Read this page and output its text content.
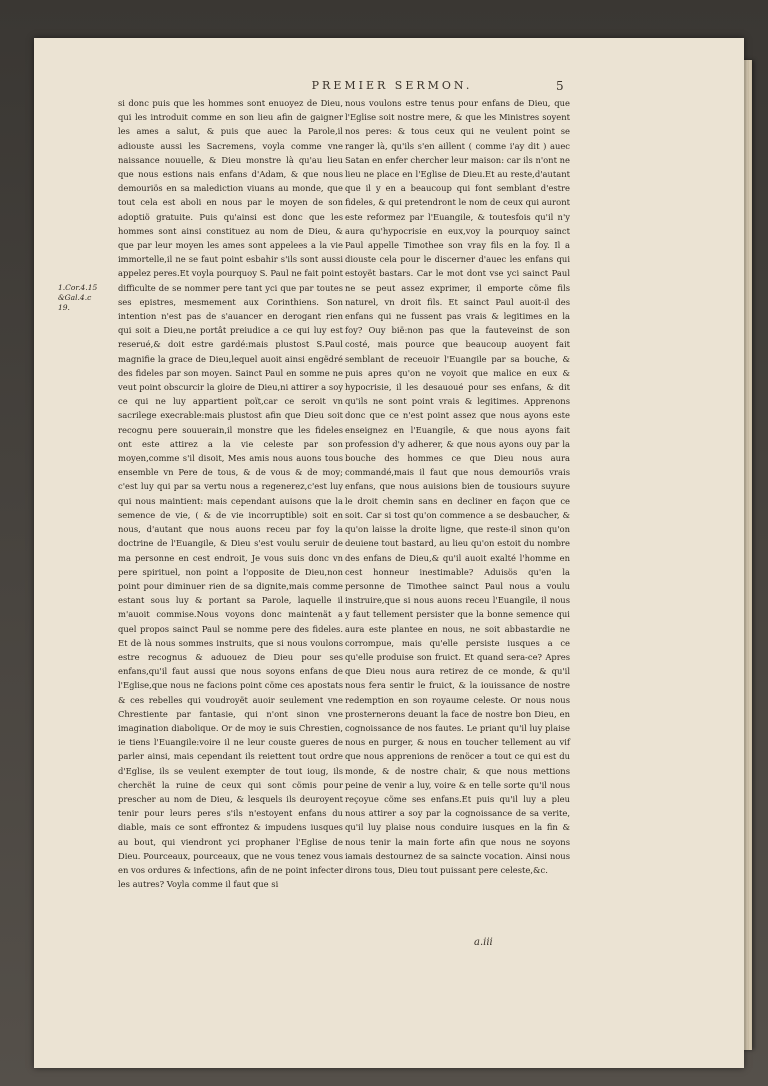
PREMIER SERMON.	5
1.Cor.4.15
&Gal.4.c
19.

si donc puis que les hommes sont enuoyez de Dieu, qui les introduit comme en son lieu afin de gaigner les ames a salut, & puis que auec la Parole,il adiouste aussi les Sacremens, voyla comme vne naissance nouuelle, & Dieu monstre là qu'au lieu que nous estions nais enfans d'Adam, & que nous demouriös en sa malediction viuans au monde, que tout cela est aboli en nous par le moyen de son adoptiö gratuite. Puis qu'ainsi est donc que les hommes sont ainsi constituez au nom de Dieu, & que par leur moyen les ames sont appelees a la vie immortelle,il ne se faut point esbahir s'ils sont aussi appelez peres.Et voyla pourquoy S. Paul ne fait point difficulte de se nommer pere tant yci que par toutes ses epistres, mesmement aux Corinthiens. Son intention n'est pas de s'auancer en derogant rien qui soit a Dieu,ne portât preiudice a ce qui luy est reserué,& doit estre gardé:mais plustost S.Paul magnifie la grace de Dieu,lequel auoit ainsi engëdré des fideles par son moyen. Sainct Paul en somme ne veut point obscurcir la gloire de Dieu,ni attirer a soy ce qui ne luy appartient poït,car ce seroit vn sacrilege execrable:mais plustost afin que Dieu soit recognu pere souuerain,il monstre que les fideles ont este attirez a la vie celeste par son moyen,comme s'il disoit, Mes amis nous auons tous ensemble vn Pere de tous, & de vous & de moy; c'est luy qui par sa vertu nous a regenerez,c'est luy qui nous maintient: mais cependant auisons que la semence de vie, ( & de vie incorruptible) soit en nous, d'autant que nous auons receu par foy la doctrine de l'Euangile, & Dieu s'est voulu seruir de ma personne en cest endroit, Je vous suis donc vn pere spirituel, non point a l'opposite de Dieu,non point pour diminuer rien de sa dignite,mais comme estant sous luy & portant sa Parole, laquelle il m'auoit commise.Nous voyons donc maintenät a quel propos sainct Paul se nomme pere des fideles. Et de là nous sommes instruits, que si nous voulons estre recognus & aduouez de Dieu pour ses enfans,qu'il faut aussi que nous soyons enfans de l'Eglise,que nous ne facions point cöme ces apostats & ces rebelles qui voudroyët auoir seulement vne Chrestiente par fantasie, qui n'ont sinon vne imagination diabolique. Or de moy ie suis Chrestien, ie tiens l'Euangile:voire il ne leur couste gueres de parler ainsi, mais cependant ils reiettent tout ordre d'Eglise, ils se veulent exempter de tout ioug, ils cherchët la ruine de ceux qui sont cömis pour prescher au nom de Dieu, & lesquels ils deuroyent tenir pour leurs peres s'ils n'estoyent enfans du diable, mais ce sont effrontez & impudens iusques au bout, qui viendront yci prophaner l'Eglise de Dieu. Pourceaux, pourceaux, que ne vous tenez vous en vos ordures & infections, afin de ne point infecter les autres? Voyla comme il faut que si

nous voulons estre tenus pour enfans de Dieu, que l'Eglise soit nostre mere, & que les Ministres soyent nos peres: & tous ceux qui ne veulent point se ranger là, qu'ils s'en aillent ( comme i'ay dit ) auec Satan en enfer chercher leur maison: car ils n'ont ne lieu ne place en l'Eglise de Dieu.Et au reste,d'autant que il y en a beaucoup qui font semblant d'estre fideles, & qui pretendront le nom de ceux qui auront este reformez par l'Euangile, & toutesfois qu'il n'y aura qu'hypocrisie en eux,voy la pourquoy sainct Paul appelle Timothee son vray fils en la foy. Il a diouste cela pour le discerner d'auec les enfans qui estoyët bastars. Car le mot dont vse yci sainct Paul ne se peut assez exprimer, il emporte cöme fils naturel, vn droit fils. Et sainct Paul auoit-il des enfans qui ne fussent pas vrais & legitimes en la foy? Ouy bië:non pas que la fauteveinst de son costé, mais pource que beaucoup auoyent fait semblant de receuoir l'Euangile par sa bouche, & puis apres qu'on ne voyoit que malice en eux & hypocrisie, il les desauoué pour ses enfans, & dit qu'ils ne sont point vrais & legitimes. Apprenons donc que ce n'est point assez que nous ayons este enseignez en l'Euangile, & que nous ayons fait profession d'y adherer, & que nous ayons ouy par la bouche des hommes ce que Dieu nous aura commandé,mais il faut que nous demouriös vrais enfans, que nous auisions bien de tousiours suyure le droit chemin sans en decliner en façon que ce soit. Car si tost qu'on commence a se desbaucher, & qu'on laisse la droite ligne, que reste-il sinon qu'on deuiene tout bastard, au lieu qu'on estoit du nombre des enfans de Dieu,& qu'il auoit exalté l'homme en cest honneur inestimable? Aduisös qu'en la personne de Timothee sainct Paul nous a voulu instruire,que si nous auons receu l'Euangile, il nous y faut tellement persister que la bonne semence qui aura este plantee en nous, ne soit abbastardie ne corrompue, mais qu'elle persiste iusques a ce qu'elle produise son fruict. Et quand sera-ce? Apres que Dieu nous aura retirez de ce monde, & qu'il nous fera sentir le fruict, & la iouissance de nostre redemption en son royaume celeste. Or nous nous prosternerons deuant la face de nostre bon Dieu, en cognoissance de nos fautes. Le priant qu'il luy plaise nous en purger, & nous en toucher tellement au vif que nous apprenions de renöcer a tout ce qui est du monde, & de nostre chair, & que nous mettions peine de venir a luy, voire & en telle sorte qu'il nous reçoyue cöme ses enfans.Et puis qu'il luy a pleu nous attirer a soy par la cognoissance de sa verite, qu'il luy plaise nous conduire iusques en la fin & nous tenir la main forte afin que nous ne soyons iamais destournez de sa saincte vocation. Ainsi nous dirons tous, Dieu tout puissant pere celeste,&c.

a.iii
